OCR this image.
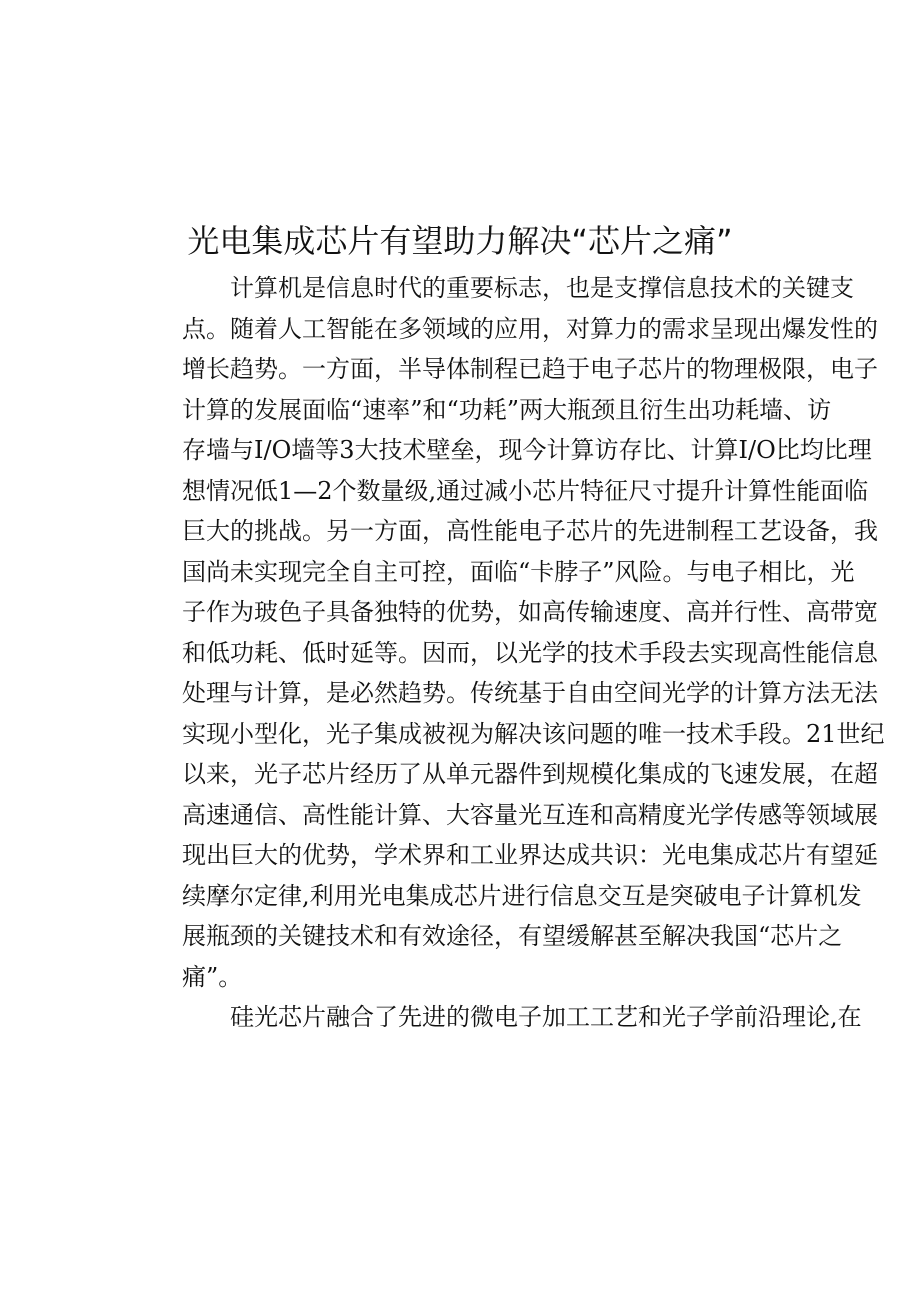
光电集成芯片有望助力解决“芯片之痛”
计算机是信息时代的重要标志，也是支撑信息技术的关键支
点。随着人工智能在多领域的应用，对算力的需求呈现出爆发性的
增长趋势。一方面，半导体制程已趋于电子芯片的物理极限，电子
计算的发展面临“速率”和“功耗”两大瓶颈且衍生出功耗墙、访
存墙与I/O墙等3大技术壁垒，现今计算访存比、计算I/O比均比理
想情况低1—2个数量级,通过减小芯片特征尺寸提升计算性能面临
巨大的挑战。另一方面，高性能电子芯片的先进制程工艺设备，我
国尚未实现完全自主可控，面临“卡脖子”风险。与电子相比，光
子作为玻色子具备独特的优势，如高传输速度、高并行性、高带宽
和低功耗、低时延等。因而，以光学的技术手段去实现高性能信息
处理与计算，是必然趋势。传统基于自由空间光学的计算方法无法
实现小型化，光子集成被视为解决该问题的唯一技术手段。21世纪
以来，光子芯片经历了从单元器件到规模化集成的飞速发展，在超
高速通信、高性能计算、大容量光互连和高精度光学传感等领域展
现出巨大的优势，学术界和工业界达成共识：光电集成芯片有望延
续摩尔定律,利用光电集成芯片进行信息交互是突破电子计算机发
展瓶颈的关键技术和有效途径，有望缓解甚至解决我国“芯片之
痛”。
硅光芯片融合了先进的微电子加工工艺和光子学前沿理论,在
